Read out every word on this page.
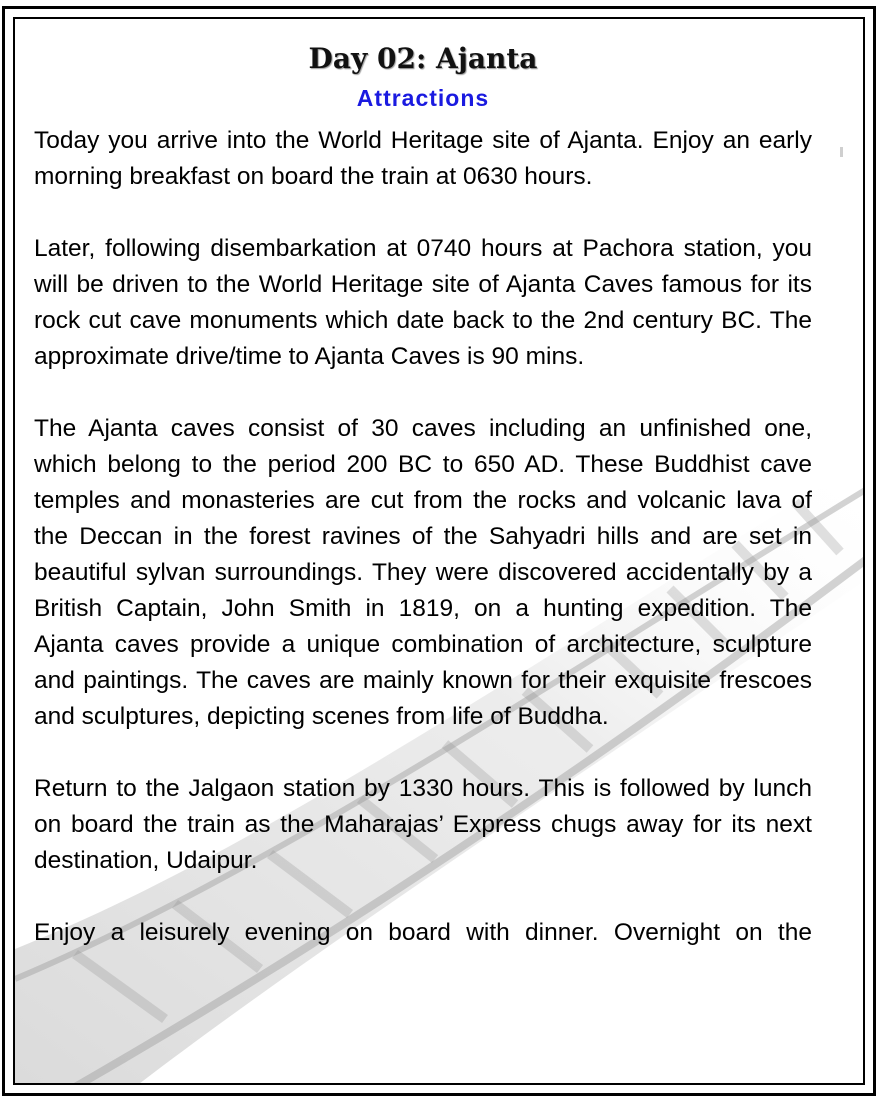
Day 02: Ajanta
Attractions

Today you arrive into the World Heritage site of Ajanta. Enjoy an early morning breakfast on board the train at 0630 hours.

Later, following disembarkation at 0740 hours at Pachora station, you will be driven to the World Heritage site of Ajanta Caves famous for its rock cut cave monuments which date back to the 2nd century BC. The approximate drive/time to Ajanta Caves is 90 mins.

The Ajanta caves consist of 30 caves including an unfinished one, which belong to the period 200 BC to 650 AD. These Buddhist cave temples and monasteries are cut from the rocks and volcanic lava of the Deccan in the forest ravines of the Sahyadri hills and are set in beautiful sylvan surroundings. They were discovered accidentally by a British Captain, John Smith in 1819, on a hunting expedition. The Ajanta caves provide a unique combination of architecture, sculpture and paintings. The caves are mainly known for their exquisite frescoes and sculptures, depicting scenes from life of Buddha.

Return to the Jalgaon station by 1330 hours. This is followed by lunch on board the train as the Maharajas’ Express chugs away for its next destination, Udaipur.

Enjoy a leisurely evening on board with dinner. Overnight on the
